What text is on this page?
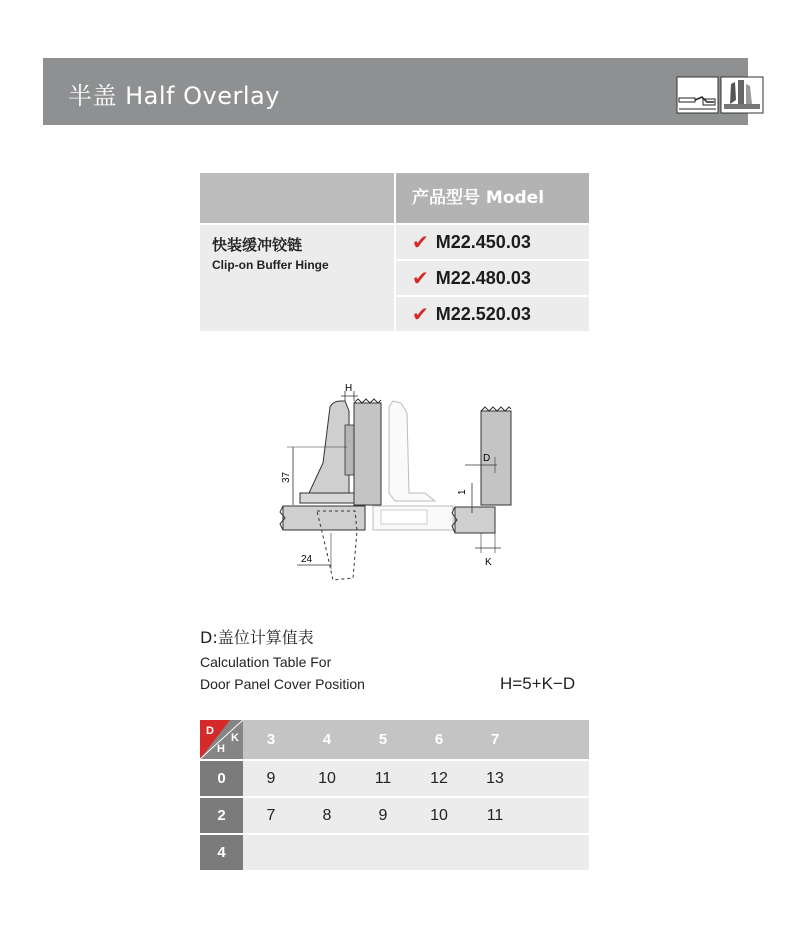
半盖 Half Overlay
产品型号 Model
快装缓冲铰链
Clip-on Buffer Hinge
✔ M22.450.03
✔ M22.480.03
✔ M22.520.03
H
37
24
D
1
K
D:盖位计算值表
Calculation Table For
Door Panel Cover Position	H=5+K−D
D
H
K	3	4	5	6	7
0	9	10	11	12	13
2	7	8	9	10	11
4
